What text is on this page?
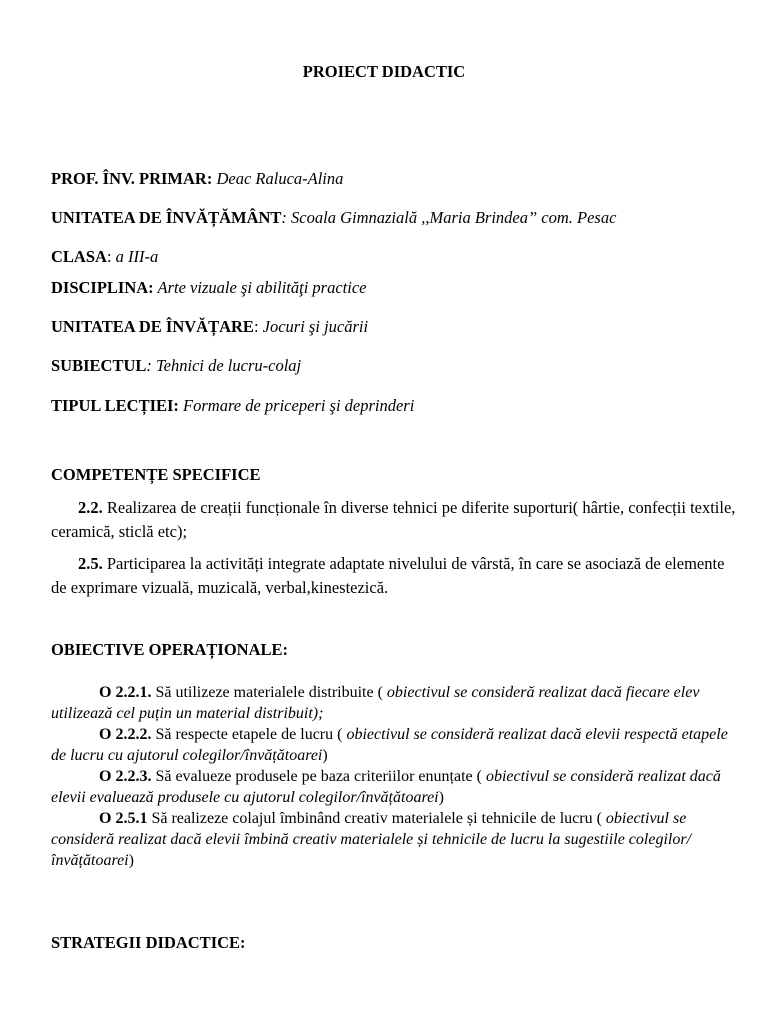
PROIECT DIDACTIC
PROF. ÎNV. PRIMAR: Deac Raluca-Alina
UNITATEA DE ÎNVĂȚĂMÂNT: Scoala Gimnazială ,,Maria Brindea” com. Pesac
CLASA: a III-a
DISCIPLINA: Arte vizuale şi abilităţi practice
UNITATEA DE ÎNVĂȚARE: Jocuri şi jucării
SUBIECTUL: Tehnici de lucru-colaj
TIPUL LECȚIEI: Formare de priceperi şi deprinderi
COMPETENȚE SPECIFICE
2.2. Realizarea de creații funcționale în diverse tehnici pe diferite suporturi( hârtie, confecții textile, ceramică, sticlă etc);
2.5. Participarea la activități integrate adaptate nivelului de vârstă, în care se asociază de elemente de exprimare vizuală, muzicală, verbal,kinestezică.
OBIECTIVE OPERAȚIONALE:
O 2.2.1. Să utilizeze materialele distribuite ( obiectivul se consideră realizat dacă fiecare elev utilizează cel puțin un material distribuit);
O 2.2.2. Să respecte etapele de lucru ( obiectivul se consideră realizat dacă elevii respectă etapele de lucru cu ajutorul colegilor/învățătoarei)
O 2.2.3. Să evalueze produsele pe baza criteriilor enunțate ( obiectivul se consideră realizat dacă elevii evaluează produsele cu ajutorul colegilor/învățătoarei)
O 2.5.1 Să realizeze colajul îmbinând creativ materialele și tehnicile de lucru ( obiectivul se consideră realizat dacă elevii îmbină creativ materialele și tehnicile de lucru la sugestiile colegilor/învățătoarei)
STRATEGII DIDACTICE:
